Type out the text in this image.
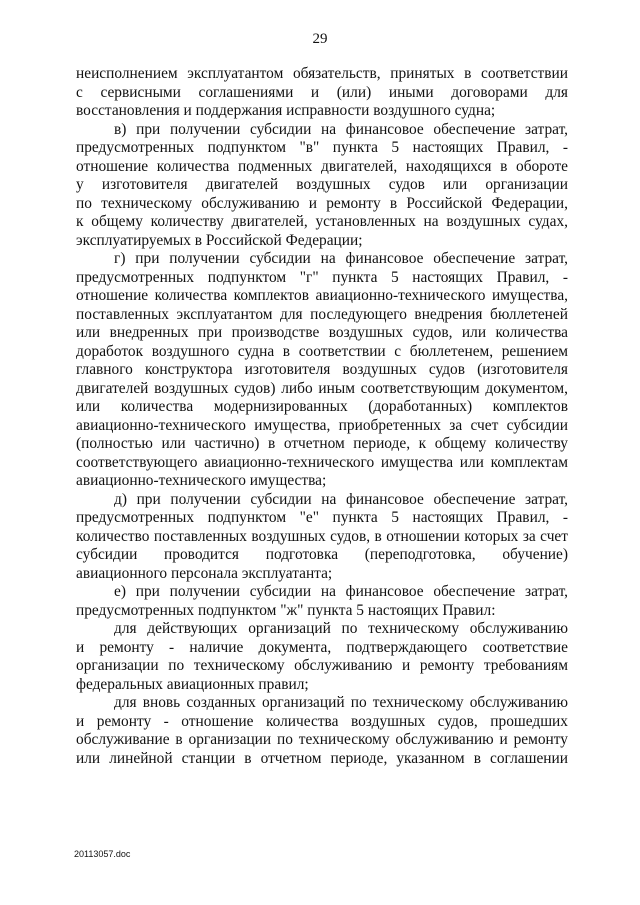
29
неисполнением эксплуатантом обязательств, принятых в соответствии
с сервисными соглашениями и (или) иными договорами для
восстановления и поддержания исправности воздушного судна;
в) при получении субсидии на финансовое обеспечение затрат,
предусмотренных подпунктом "в" пункта 5 настоящих Правил, -
отношение количества подменных двигателей, находящихся в обороте
у изготовителя двигателей воздушных судов или организации
по техническому обслуживанию и ремонту в Российской Федерации,
к общему количеству двигателей, установленных на воздушных судах,
эксплуатируемых в Российской Федерации;
г) при получении субсидии на финансовое обеспечение затрат,
предусмотренных подпунктом "г" пункта 5 настоящих Правил, -
отношение количества комплектов авиационно-технического имущества,
поставленных эксплуатантом для последующего внедрения бюллетеней
или внедренных при производстве воздушных судов, или количества
доработок воздушного судна в соответствии с бюллетенем, решением
главного конструктора изготовителя воздушных судов (изготовителя
двигателей воздушных судов) либо иным соответствующим документом,
или количества модернизированных (доработанных) комплектов
авиационно-технического имущества, приобретенных за счет субсидии
(полностью или частично) в отчетном периоде, к общему количеству
соответствующего авиационно-технического имущества или комплектам
авиационно-технического имущества;
д) при получении субсидии на финансовое обеспечение затрат,
предусмотренных подпунктом "е" пункта 5 настоящих Правил, -
количество поставленных воздушных судов, в отношении которых за счет
субсидии проводится подготовка (переподготовка, обучение)
авиационного персонала эксплуатанта;
е) при получении субсидии на финансовое обеспечение затрат,
предусмотренных подпунктом "ж" пункта 5 настоящих Правил:
для действующих организаций по техническому обслуживанию
и ремонту - наличие документа, подтверждающего соответствие
организации по техническому обслуживанию и ремонту требованиям
федеральных авиационных правил;
для вновь созданных организаций по техническому обслуживанию
и ремонту - отношение количества воздушных судов, прошедших
обслуживание в организации по техническому обслуживанию и ремонту
или линейной станции в отчетном периоде, указанном в соглашении
20113057.doc
